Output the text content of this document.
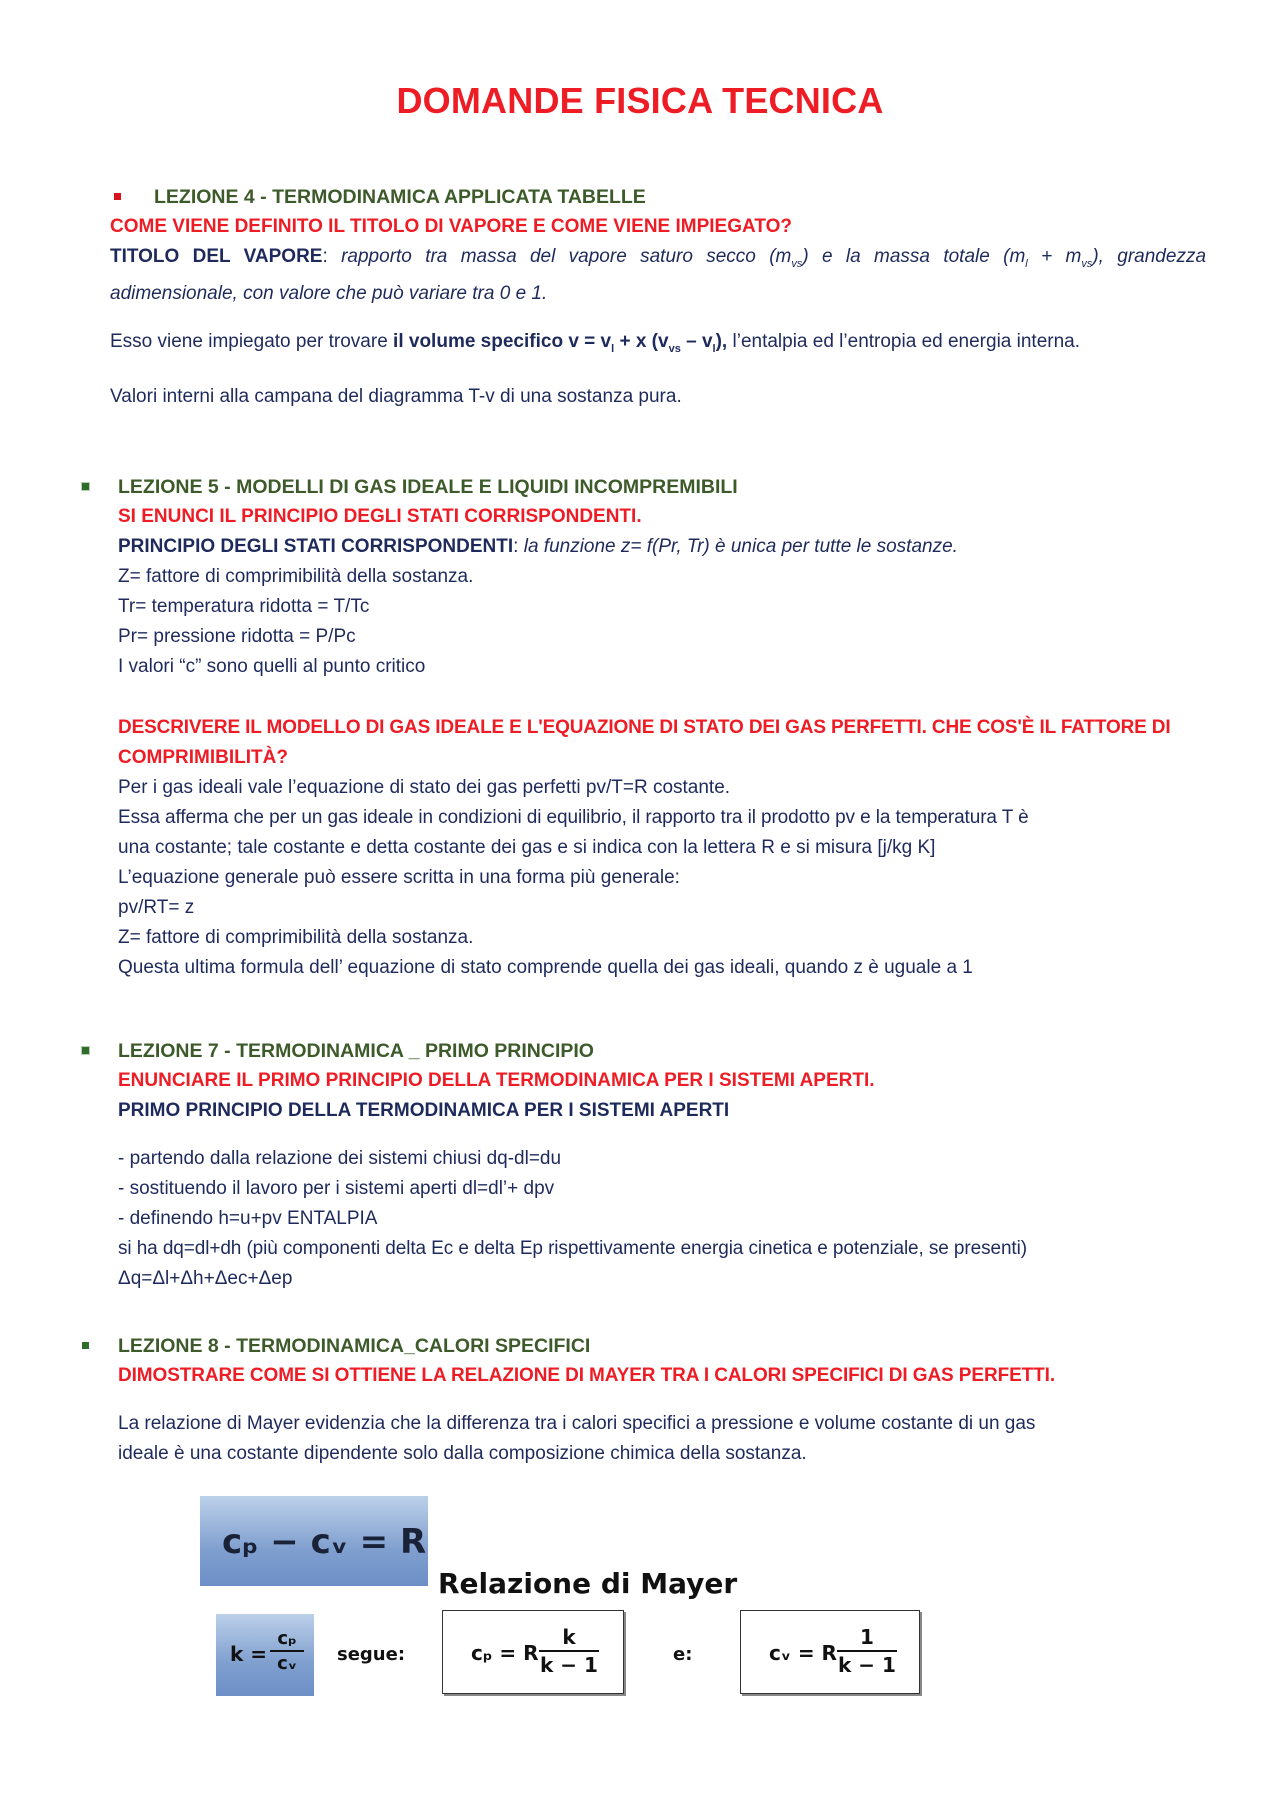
DOMANDE FISICA TECNICA
LEZIONE 4 - TERMODINAMICA APPLICATA TABELLE
COME VIENE DEFINITO IL TITOLO DI VAPORE E COME VIENE IMPIEGATO?
TITOLO DEL VAPORE: rapporto tra massa del vapore saturo secco $(m_{vs})$ e la massa totale $(m_l + m_{vs})$, grandezza
adimensionale, con valore che può variare tra 0 e 1.
Esso viene impiegato per trovare il volume specifico $v = v_l + x$ $(v_{vs} - v_l)$, l’entalpia ed l’entropia ed energia interna.
Valori interni alla campana del diagramma T-v di una sostanza pura.
LEZIONE 5 - MODELLI DI GAS IDEALE E LIQUIDI INCOMPREMIBILI
SI ENUNCI IL PRINCIPIO DEGLI STATI CORRISPONDENTI.
PRINCIPIO DEGLI STATI CORRISPONDENTI: la funzione z= f(Pr, Tr) è unica per tutte le sostanze.
Z= fattore di comprimibilità della sostanza.
Tr= temperatura ridotta = T/Tc
Pr= pressione ridotta = P/Pc
I valori “c” sono quelli al punto critico
DESCRIVERE IL MODELLO DI GAS IDEALE E L'EQUAZIONE DI STATO DEI GAS PERFETTI. CHE COS'È IL FATTORE DI
COMPRIMIBILITÀ?
Per i gas ideali vale l’equazione di stato dei gas perfetti pv/T=R costante.
Essa afferma che per un gas ideale in condizioni di equilibrio, il rapporto tra il prodotto pv e la temperatura T è
una costante; tale costante e detta costante dei gas e si indica con la lettera R e si misura [j/kg K]
L’equazione generale può essere scritta in una forma più generale:
pv/RT= z
Z= fattore di comprimibilità della sostanza.
Questa ultima formula dell’ equazione di stato comprende quella dei gas ideali, quando z è uguale a 1
LEZIONE 7 - TERMODINAMICA _ PRIMO PRINCIPIO
ENUNCIARE IL PRIMO PRINCIPIO DELLA TERMODINAMICA PER I SISTEMI APERTI.
PRIMO PRINCIPIO DELLA TERMODINAMICA PER I SISTEMI APERTI
- partendo dalla relazione dei sistemi chiusi dq-dl=du
- sostituendo il lavoro per i sistemi aperti dl=dl’+ dpv
- definendo h=u+pv ENTALPIA
si ha dq=dl+dh (più componenti delta Ec e delta Ep rispettivamente energia cinetica e potenziale, se presenti)
Δq=Δl+Δh+Δec+Δep
LEZIONE 8 - TERMODINAMICA_CALORI SPECIFICI
DIMOSTRARE COME SI OTTIENE LA RELAZIONE DI MAYER TRA I CALORI SPECIFICI DI GAS PERFETTI.
La relazione di Mayer evidenzia che la differenza tra i calori specifici a pressione e volume costante di un gas
ideale è una costante dipendente solo dalla composizione chimica della sostanza.
cₚ − cᵥ = R
Relazione di Mayer
$k = \frac{\text{cₚ}}{\text{cᵥ}}$ segue:	cₚ = R $\frac{k}{k - 1}$	e:	cᵥ = R $\frac{1}{k - 1}$
